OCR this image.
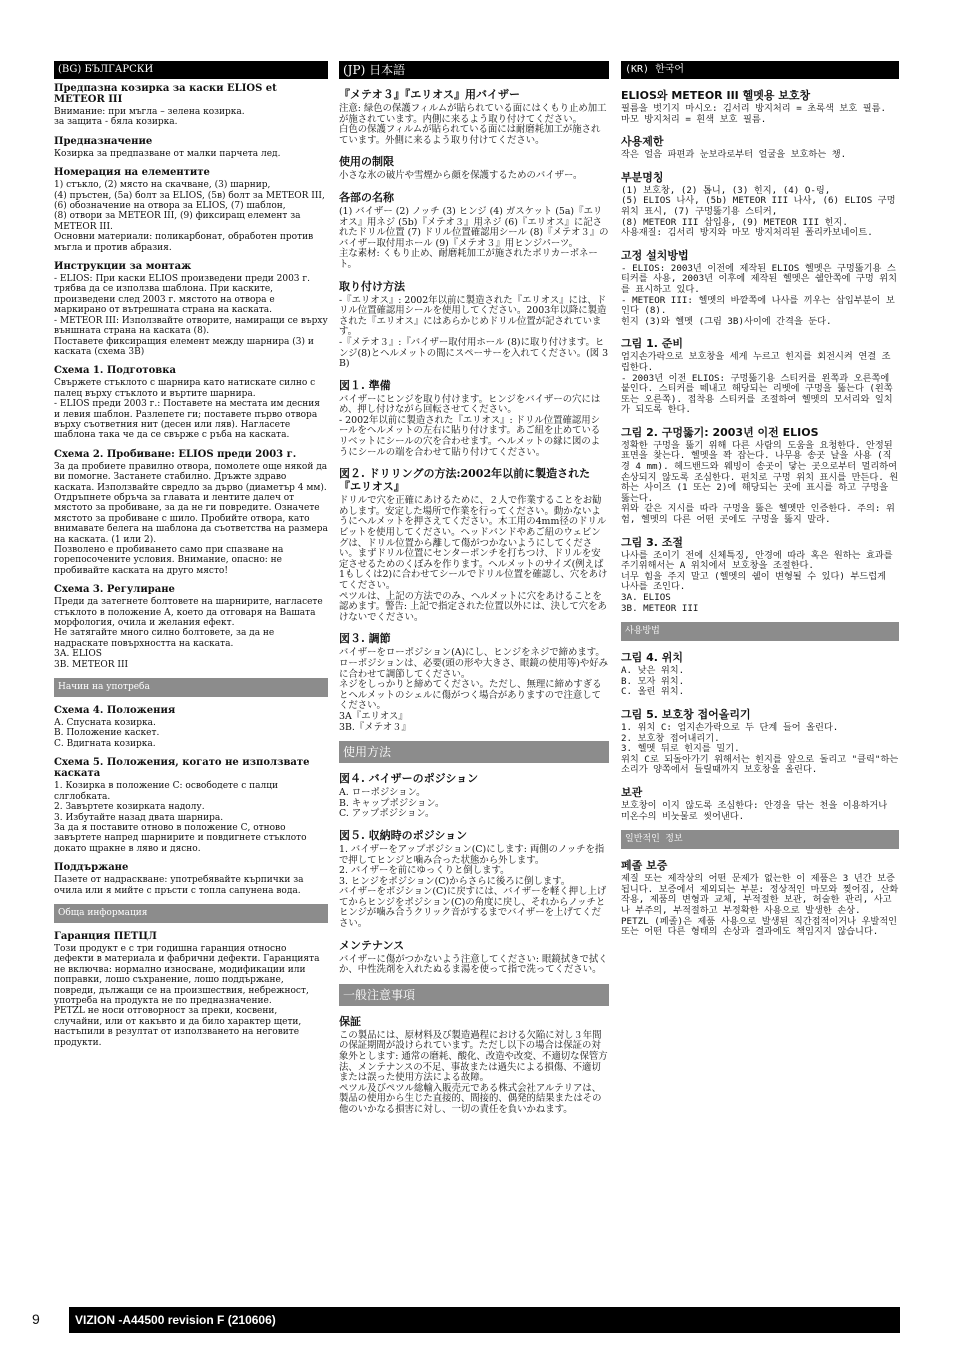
(BG) БЪЛГАРСКИ
Предпазна козирка за каски ELIOS et METEOR III

Внимание: при мъгла – зелена козирка.
за защита - бяла козирка.

Предназначение

Козирка за предпазване от малки парчета лед.

Номерация на елементите

1) стъкло, (2) място на скачване, (3) шарнир,
(4) пръстен, (5а) болт за ELIOS, (5в) болт за METEOR III,
(6) обозначение на отвора за ELIOS, (7) шаблон,
(8) отвори за METEOR III, (9) фиксиращ елемент за METEOR III.
Основни материали: поликарбонат, обработен против мъгла и против абразия.

Инструкции за монтаж

- ELIOS: При каски ELIOS произведени преди 2003 г. трябва да се използва шаблона. При каските, произведени след 2003 г. мястото на отвора е маркирано от вътрешната страна на каската.
- METEOR III: Използвайте отворите, намиращи се върху външната страна на каската (8).
Поставете фиксиращия елемент между шарнира (3) и каската (схема 3В)

Схема 1. Подготовка

Свържете стъклото с шарнира като натискате силно с палец върху стъклото и въртите шарнира.
- ELIOS преди 2003 г.: Поставете на местата им десния и левия шаблон. Разлепете ги; поставете първо отвора върху съответния нит (десен или ляв). Нагласете шаблона така че да се свърже с ръба на каската.

Схема 2. Пробиване: ELIOS преди 2003 г.

За да пробиете правилно отвора, помолете още някой да ви помогне. Застанете стабилно. Дръжте здраво каската. Използвайте свредло за дърво (диаметър 4 мм). Отдръпнете обръча за главата и лентите далеч от мястото за пробиване, за да не ги повредите. Означете мястото за пробиване с шило. Пробийте отвора, като внимавате белега на шаблона да съответства на размера на каската. (1 или 2).
Позволено е пробиването само при спазване на горепосочените условия. Внимание, опасно: не пробивайте каската на друго място!

Схема 3. Регулиране

Преди да затегнете болтовете на шарнирите, нагласете стъклото в положение А, което да отговаря на Вашата морфология, очила и желания ефект.
Не затягайте много силно болтовете, за да не надраскате повърхността на каската.
3А. ELIOS
3В. METEOR III

Начин на употреба
Схема 4. Положения

А. Спусната козирка.
В. Положение каскет.
С. Вдигната козирка.

Схема 5. Положения, когато не използвате каската

1. Козирка в положение С: освободете с палци слглобката.
2. Завъртете козирката надолу.
3. Избутайте назад двата шарнира.
За да я поставите отново в положение С, отново завъртете напред шарнирите и повдигнете стъклото докато щракне в ляво и дясно.

Поддържане

Пазете от надраскване: употребявайте кърпички за очила или я мийте с пръсти с топла сапунена вода.

Обща информация
Гаранция ПЕТЦЛ

Този продукт е с три годишна гаранция относно дефекти в материала и фабрични дефекти. Гаранцията не включва: нормално износване, модификации или поправки, лошо съхранение, лошо поддържане, повреди, дължащи се на произшествия, небрежност, употреба на продукта не по предназначение.
PETZL не носи отговорност за преки, косвени, случайни, или от какъвто и да било характер щети, настъпили в резултат от използването на неговите продукти.

(JP) 日本語
『メテオ３』『エリオス』用バイザー

注意: 緑色の保護フィルムが貼られている面にはくもり止め加工が施されています。内側に来るよう取り付けてください。
白色の保護フィルムが貼られている面には耐磨耗加工が施されています。外側に来るよう取り付けてください。

使用の制限

小さな氷の破片や雪煙から顔を保護するためのバイザー。

各部の名称

(1) バイザー (2) ノッチ (3) ヒンジ (4) ガスケット (5a)『エリオス』用ネジ (5b)『メテオ３』用ネジ (6)『エリオス』に記されたドリル位置 (7) ドリル位置確認用シール (8)『メテオ３』のバイザー取付用ホール (9)『メテオ３』用ヒンジパーツ。
主な素材: くもり止め、耐磨耗加工が施されたポリカーボネート。

取り付け方法

-『エリオス』: 2002年以前に製造された『エリオス』には、ドリル位置確認用シールを使用してください。2003年以降に製造された『エリオス』にはあらかじめドリル位置が記されています。
-『メテオ３』:『バイザー取付用ホール (8)に取り付けます。ヒンジ(8)とヘルメットの間にスペーサーを入れてください。(図 3 B)

図１. 準備

バイザーにヒンジを取り付けます。ヒンジをバイザーの穴にはめ、押し付けながら回転させてください。
- 2002年以前に製造された『エリオス』: ドリル位置確認用シールをヘルメットの左右に貼り付けます。あご紐を止めているリベットにシールの穴を合わせます。ヘルメットの縁に図のようにシールの端を合わせて貼り付けてください。

図２. ドリリングの方法:2002年以前に製造された『エリオス』

ドリルで穴を正確にあけるために、２人で作業することをお勧めします。安定した場所で作業を行ってください。動かないようにヘルメットを押さえてください。木工用の4mm径のドリルビットを使用してください。ヘッドバンドやあご紐のウェビングは、ドリル位置から離して傷がつかないようにしてください。まずドリル位置にセンターポンチを打ちつけ、ドリルを安定させるためのくぼみを作ります。ヘルメットのサイズ(例えば1もしくは2)に合わせてシールでドリル位置を確認し、穴をあけてください。
ペツルは、上記の方法でのみ、ヘルメットに穴をあけることを認めます。警告: 上記で指定された位置以外には、決して穴をあけないでください。

図３. 調節

バイザーをローポジション(A)にし、ヒンジをネジで締めます。ローポジションは、必要(頭の形や大きさ、眼鏡の使用等)や好みに合わせて調節してください。
ネジをしっかりと締めてください。ただし、無理に締めすぎるとヘルメットのシェルに傷がつく場合がありますので注意してください。
3A『エリオス』
3B.『メテオ３』

使用方法
図４. バイザーのポジション

A. ローポジション。
B. キャップポジション。
C. アップポジション。

図５. 収納時のポジション

1. バイザーをアップポジション(C)にします: 両側のノッチを指で押してヒンジと噛み合った状態から外します。
2. バイザーを前にゆっくりと倒します。
3. ヒンジをポジション(C)からさらに後ろに倒します。
バイザーをポジション(C)に戻すには、バイザーを軽く押し上げてからヒンジをポジション(C)の角度に戻し、それからノッチとヒンジが噛み合うクリック音がするまでバイザーを上げてください。

メンテナンス

バイザーに傷がつかないよう注意してください: 眼鏡拭きで拭くか、中性洗剤を入れたぬるま湯を使って指で洗ってください。

一般注意事項
保証

この製品には、原材料及び製造過程における欠陥に対し３年間の保証期間が設けられています。ただし以下の場合は保証の対象外とします: 通常の磨耗、酸化、改造や改変、不適切な保管方法、メンテナンスの不足、事故または過失による損傷、不適切または誤った使用方法による故障。
ペツル及びペツル総輸入販売元である株式会社アルテリアは、製品の使用から生じた直接的、間接的、偶発的結果またはその他のいかなる損害に対し、一切の責任を負いかねます。

(KR) 한국어
ELIOS와 METEOR III 헬멧용 보호창

필름을 벗기지 마시오: 김서리 방지처리 = 초록색 보호 필름.
마모 방지처리 = 흰색 보호 필름.

사용제한

작은 얼음 파편과 눈보라로부터 얼굴을 보호하는 챙.

부분명칭

(1) 보호창, (2) 톱니, (3) 힌지, (4) O-링,
(5) ELIOS 나사, (5b) METEOR III 나사, (6) ELIOS 구멍 위치 표시, (7) 구멍뚫기용 스티커,
(8) METEOR III 삽입용, (9) METEOR III 힌지.
사용재질: 김서리 방지와 마모 방지처리된 폴리카보네이트.

고정 설치방법

- ELIOS: 2003년 이전에 제작된 ELIOS 헬멧은 구멍뚫기용 스티커를 사용, 2003년 이후에 제작된 헬멧은 쉘안쪽에 구멍 위치를 표시하고 있다.
- METEOR III: 헬멧의 바깥쪽에 나사를 끼우는 삽입부분이 보인다 (8).
힌지 (3)와 헬멧 (그림 3B)사이에 간격을 둔다.

그림 1. 준비

엄지손가락으로 보호창을 세게 누르고 힌지를 회전시켜 연결 조립한다.
- 2003년 이전 ELIOS: 구멍뚫기용 스티커를 왼쪽과 오른쪽에 붙인다. 스티커를 떼내고 해당되는 리벳에 구멍을 뚫는다 (왼쪽 또는 오른쪽). 접착용 스티커를 조절하여 헬멧의 모서리와 일치가 되도록 한다.

그림 2. 구멍뚫기: 2003년 이전 ELIOS

정확한 구멍을 뚫기 위해 다른 사람의 도움을 요청한다. 안정된 표면을 찾는다. 헬멧을 꽉 잡는다. 나무용 송곳 날을 사용 (직경 4 mm). 헤드밴드와 웨빙이 송곳이 닿는 곳으로부터 멀리하여 손상되지 않도록 조심한다. 펀치로 구멍 위치 표시를 만든다. 원하는 사이즈 (1 또는 2)에 해당되는 곳에 표시를 하고 구멍을 뚫는다.
위와 같은 지시를 따라 구멍을 뚫은 헬멧만 인증한다. 주의: 위험, 헬멧의 다른 어떤 곳에도 구멍을 뚫지 말라.

그림 3. 조절

나사를 조이기 전에 신체특징, 안경에 따라 혹은 원하는 효과를 주기위해서는 A 위치에서 보호창을 조절한다.
너무 힘을 주지 말고 (헬멧의 쉘이 변형될 수 있다) 부드럽게 나사를 조인다.
3A. ELIOS
3B. METEOR III

사용방법
그림 4. 위치

A. 낮은 위치.
B. 모자 위치.
C. 올린 위치.

그림 5. 보호창 접어올리기

1. 위치 C: 엄지손가락으로 두 단계 들어 올린다.
2. 보호창 접어내리기.
3. 헬멧 뒤로 힌지를 밀기.
위치 C로 되돌아가기 위해서는 힌지를 앞으로 돌리고 "클릭"하는 소리가 양쪽에서 들릴때까지 보호창을 올린다.

보관

보호창이 이지 않도록 조심한다: 안경을 닦는 천을 이용하거나 미온수의 비눗물로 씻어낸다.

일반적인 정보
페졸 보증

제질 또는 제작상의 어떤 문제가 없는한 이 제품은 3 년간 보증됩니다. 보증에서 제외되는 부분: 정상적인 마모와 찢어짐, 산화작용, 제품의 변형과 교체, 부적절한 보관, 허술한 관리, 사고나 부주의, 부적절하고 부정확한 사용으로 발생한 손상.
PETZL (페졸)은 제품 사용으로 발생된 직간접적이거나 우발적인 또는 어떤 다른 형태의 손상과 결과에도 책임지지 않습니다.

9	VIZION -A44500 revision F (210606)
